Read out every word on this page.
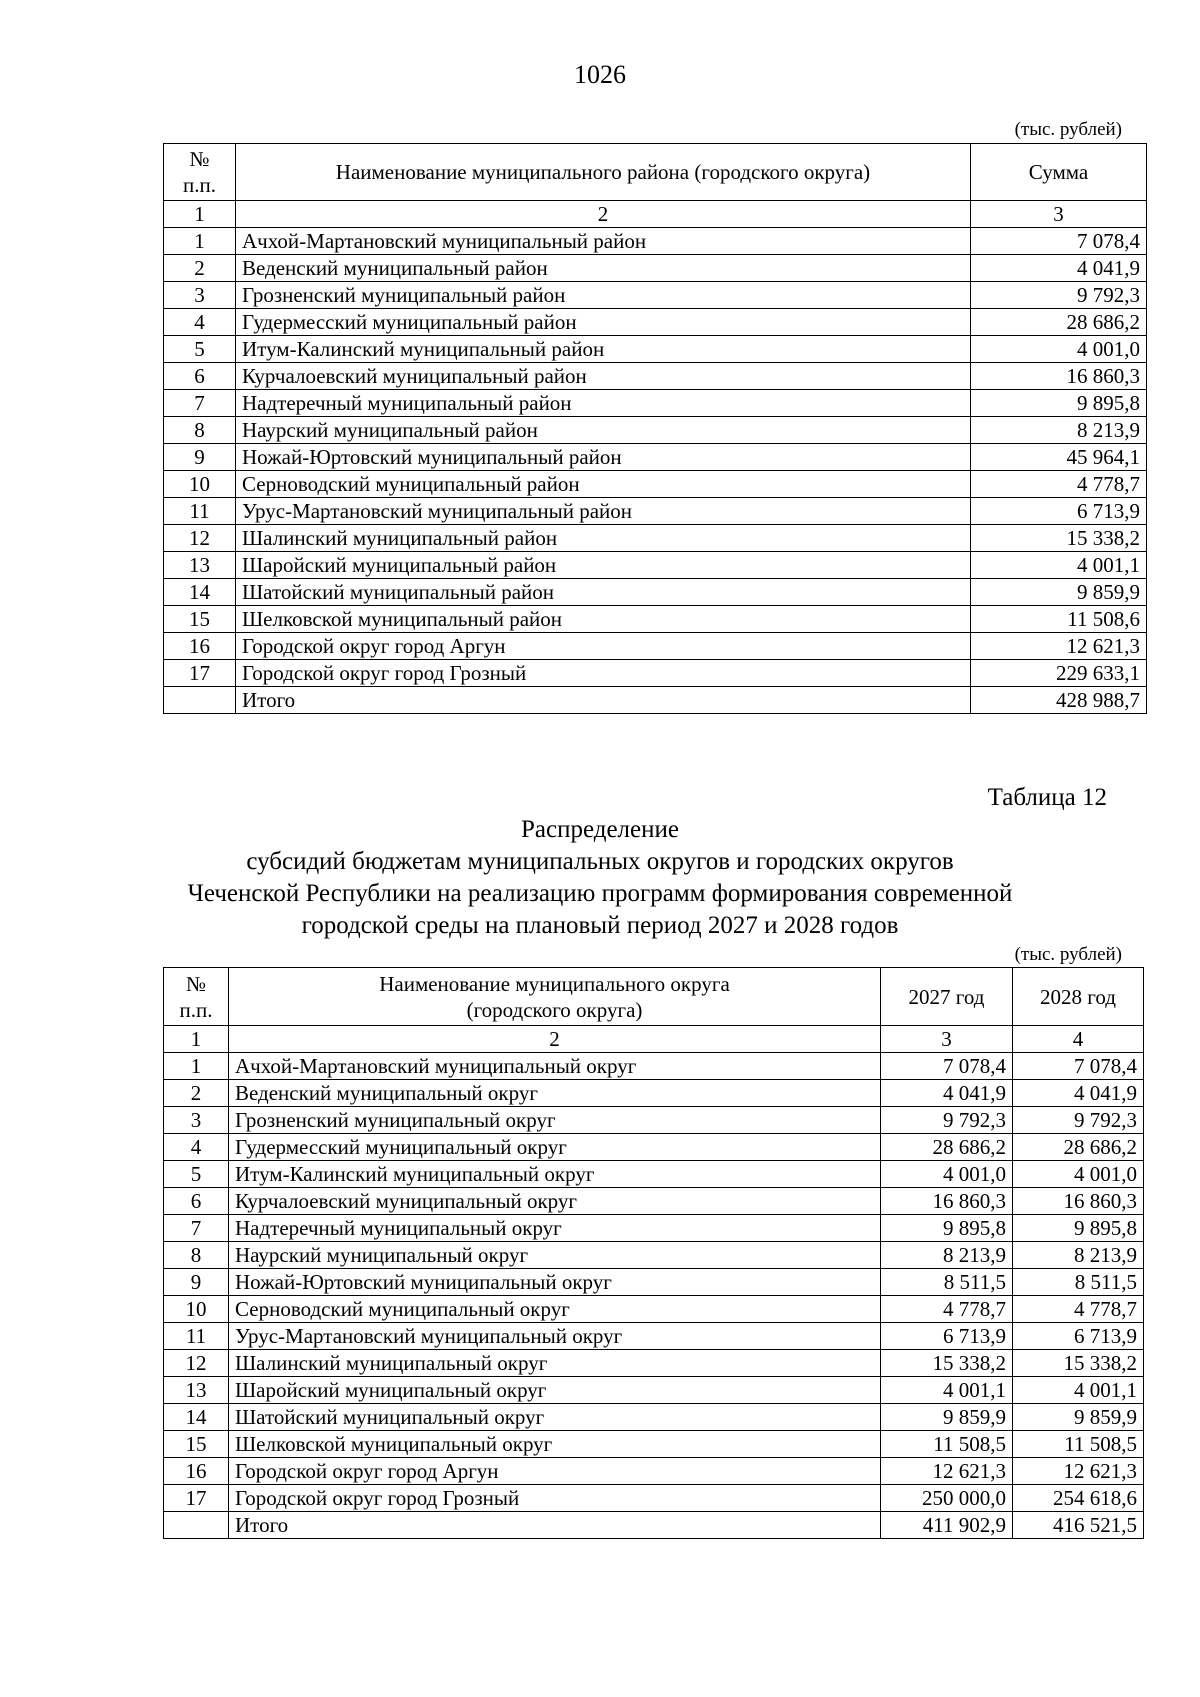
1026
(тыс. рублей)
№
п.п.	Наименование муниципального района (городского округа)	Сумма
1	2	3
1	Ачхой-Мартановский муниципальный район	7 078,4
2	Веденский муниципальный район	4 041,9
3	Грозненский муниципальный район	9 792,3
4	Гудермесский муниципальный район	28 686,2
5	Итум-Калинский муниципальный район	4 001,0
6	Курчалоевский муниципальный район	16 860,3
7	Надтеречный муниципальный район	9 895,8
8	Наурский муниципальный район	8 213,9
9	Ножай-Юртовский муниципальный район	45 964,1
10	Серноводский муниципальный район	4 778,7
11	Урус-Мартановский муниципальный район	6 713,9
12	Шалинский муниципальный район	15 338,2
13	Шаройский муниципальный район	4 001,1
14	Шатойский муниципальный район	9 859,9
15	Шелковской муниципальный район	11 508,6
16	Городской округ город Аргун	12 621,3
17	Городской округ город Грозный	229 633,1
	Итого	428 988,7
Таблица 12
Распределение
субсидий бюджетам муниципальных округов и городских округов
Чеченской Республики на реализацию программ формирования современной
городской среды на плановый период 2027 и 2028 годов
(тыс. рублей)
№
п.п.	Наименование муниципального округа
(городского округа)	2027 год	2028 год
1	2	3	4
1	Ачхой-Мартановский муниципальный округ	7 078,4	7 078,4
2	Веденский муниципальный округ	4 041,9	4 041,9
3	Грозненский муниципальный округ	9 792,3	9 792,3
4	Гудермесский муниципальный округ	28 686,2	28 686,2
5	Итум-Калинский муниципальный округ	4 001,0	4 001,0
6	Курчалоевский муниципальный округ	16 860,3	16 860,3
7	Надтеречный муниципальный округ	9 895,8	9 895,8
8	Наурский муниципальный округ	8 213,9	8 213,9
9	Ножай-Юртовский муниципальный округ	8 511,5	8 511,5
10	Серноводский муниципальный округ	4 778,7	4 778,7
11	Урус-Мартановский муниципальный округ	6 713,9	6 713,9
12	Шалинский муниципальный округ	15 338,2	15 338,2
13	Шаройский муниципальный округ	4 001,1	4 001,1
14	Шатойский муниципальный округ	9 859,9	9 859,9
15	Шелковской муниципальный округ	11 508,5	11 508,5
16	Городской округ город Аргун	12 621,3	12 621,3
17	Городской округ город Грозный	250 000,0	254 618,6
	Итого	411 902,9	416 521,5
